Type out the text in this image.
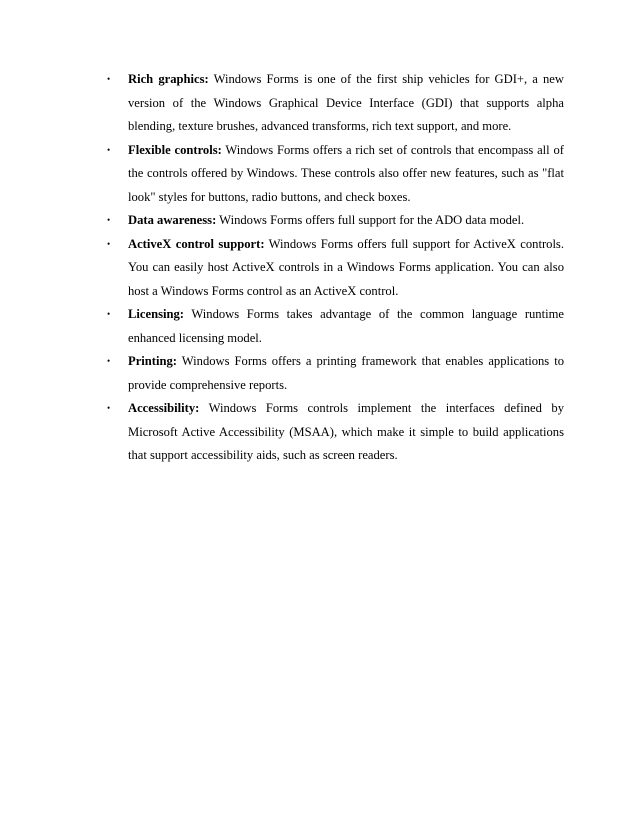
• Rich graphics: Windows Forms is one of the first ship vehicles for GDI+, a new version of the Windows Graphical Device Interface (GDI) that supports alpha blending, texture brushes, advanced transforms, rich text support, and more.
• Flexible controls: Windows Forms offers a rich set of controls that encompass all of the controls offered by Windows. These controls also offer new features, such as "flat look" styles for buttons, radio buttons, and check boxes.
• Data awareness: Windows Forms offers full support for the ADO data model.
• ActiveX control support: Windows Forms offers full support for ActiveX controls. You can easily host ActiveX controls in a Windows Forms application. You can also host a Windows Forms control as an ActiveX control.
• Licensing: Windows Forms takes advantage of the common language runtime enhanced licensing model.
• Printing: Windows Forms offers a printing framework that enables applications to provide comprehensive reports.
• Accessibility: Windows Forms controls implement the interfaces defined by Microsoft Active Accessibility (MSAA), which make it simple to build applications that support accessibility aids, such as screen readers.
